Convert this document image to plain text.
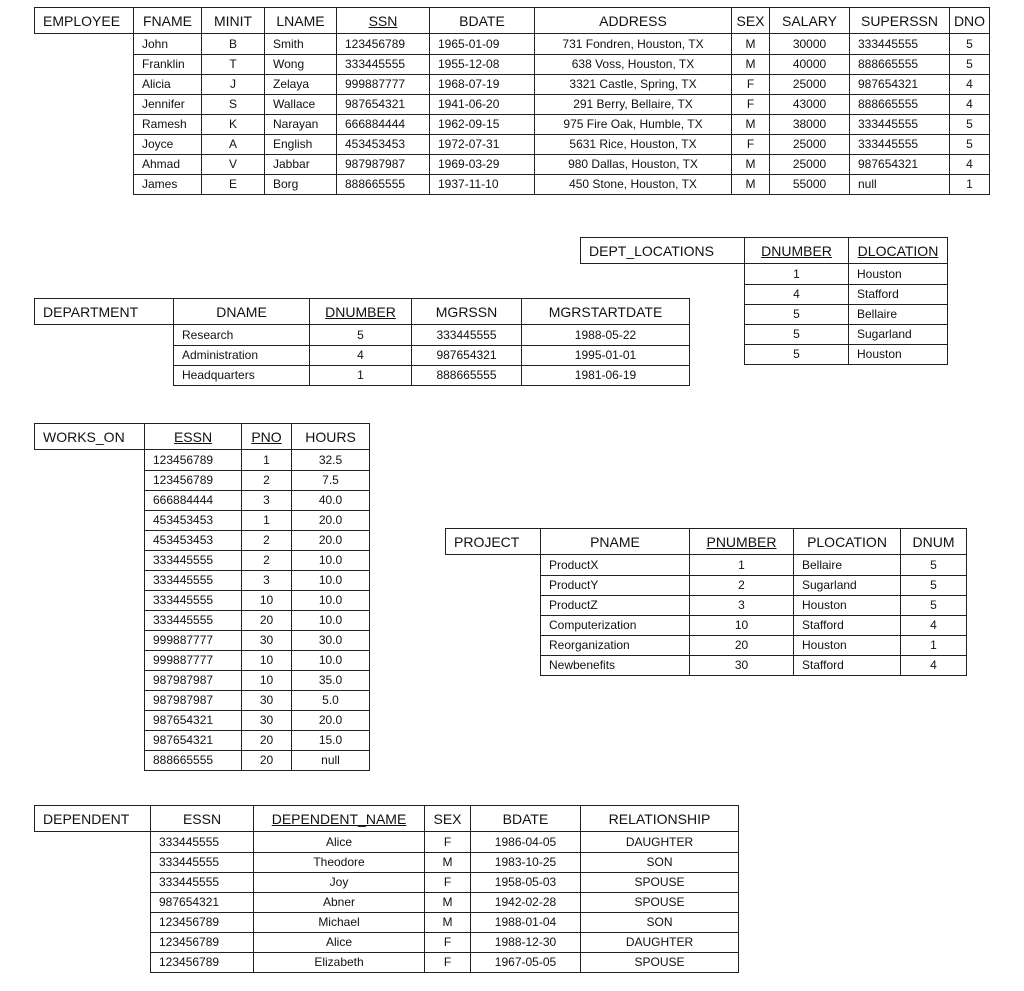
EMPLOYEE	FNAME	MINIT	LNAME	SSN	BDATE	ADDRESS	SEX	SALARY	SUPERSSN	DNO
	John	B	Smith	123456789	1965-01-09	731 Fondren, Houston, TX	M	30000	333445555	5
	Franklin	T	Wong	333445555	1955-12-08	638 Voss, Houston, TX	M	40000	888665555	5
	Alicia	J	Zelaya	999887777	1968-07-19	3321 Castle, Spring, TX	F	25000	987654321	4
	Jennifer	S	Wallace	987654321	1941-06-20	291 Berry, Bellaire, TX	F	43000	888665555	4
	Ramesh	K	Narayan	666884444	1962-09-15	975 Fire Oak, Humble, TX	M	38000	333445555	5
	Joyce	A	English	453453453	1972-07-31	5631 Rice, Houston, TX	F	25000	333445555	5
	Ahmad	V	Jabbar	987987987	1969-03-29	980 Dallas, Houston, TX	M	25000	987654321	4
	James	E	Borg	888665555	1937-11-10	450 Stone, Houston, TX	M	55000	null	1
DEPT_LOCATIONS	DNUMBER	DLOCATION
	1	Houston
	4	Stafford
	5	Bellaire
	5	Sugarland
	5	Houston
DEPARTMENT	DNAME	DNUMBER	MGRSSN	MGRSTARTDATE
	Research	5	333445555	1988-05-22
	Administration	4	987654321	1995-01-01
	Headquarters	1	888665555	1981-06-19
WORKS_ON	ESSN	PNO	HOURS
	123456789	1	32.5
	123456789	2	7.5
	666884444	3	40.0
	453453453	1	20.0
	453453453	2	20.0
	333445555	2	10.0
	333445555	3	10.0
	333445555	10	10.0
	333445555	20	10.0
	999887777	30	30.0
	999887777	10	10.0
	987987987	10	35.0
	987987987	30	5.0
	987654321	30	20.0
	987654321	20	15.0
	888665555	20	null
PROJECT	PNAME	PNUMBER	PLOCATION	DNUM
	ProductX	1	Bellaire	5
	ProductY	2	Sugarland	5
	ProductZ	3	Houston	5
	Computerization	10	Stafford	4
	Reorganization	20	Houston	1
	Newbenefits	30	Stafford	4
DEPENDENT	ESSN	DEPENDENT_NAME	SEX	BDATE	RELATIONSHIP
	333445555	Alice	F	1986-04-05	DAUGHTER
	333445555	Theodore	M	1983-10-25	SON
	333445555	Joy	F	1958-05-03	SPOUSE
	987654321	Abner	M	1942-02-28	SPOUSE
	123456789	Michael	M	1988-01-04	SON
	123456789	Alice	F	1988-12-30	DAUGHTER
	123456789	Elizabeth	F	1967-05-05	SPOUSE
